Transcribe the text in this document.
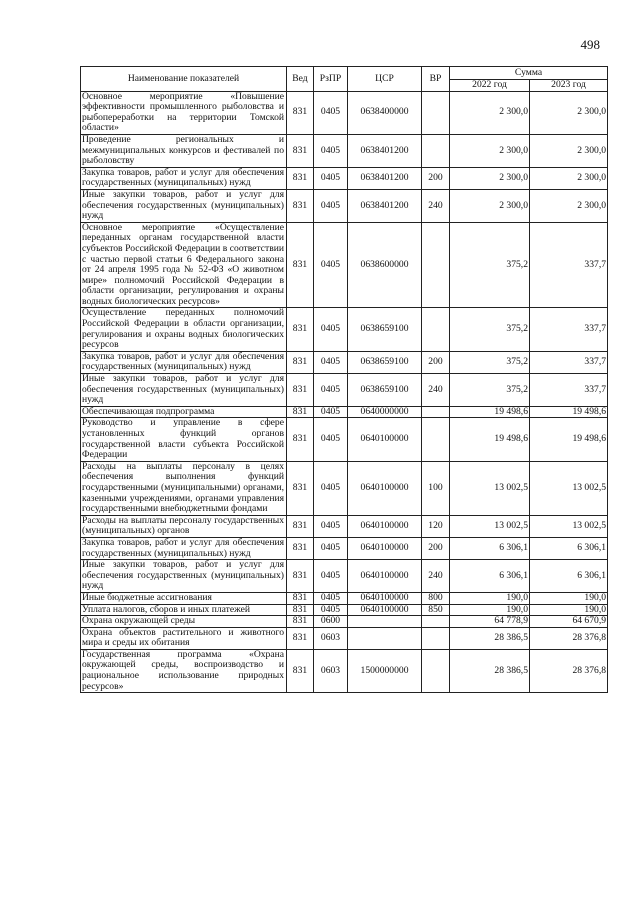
498
Наименование показателей	Вед	РзПР	ЦСР	ВР	Сумма	
					2022 год	2023 год
Основное мероприятие «Повышение эффективности промышленного рыболовства и рыбопереработки на территории Томской области»	831	0405	0638400000		2 300,0	2 300,0
Проведение региональных и межмуниципальных конкурсов и фестивалей по рыболовству	831	0405	0638401200		2 300,0	2 300,0
Закупка товаров, работ и услуг для обеспечения государственных (муниципальных) нужд	831	0405	0638401200	200	2 300,0	2 300,0
Иные закупки товаров, работ и услуг для обеспечения государственных (муниципальных) нужд	831	0405	0638401200	240	2 300,0	2 300,0
Основное мероприятие «Осуществление переданных органам государственной власти субъектов Российской Федерации в соответствии с частью первой статьи 6 Федерального закона от 24 апреля 1995 года № 52-ФЗ «О животном мире» полномочий Российской Федерации в области организации, регулирования и охраны водных биологических ресурсов»	831	0405	0638600000		375,2	337,7
Осуществление переданных полномочий Российской Федерации в области организации, регулирования и охраны водных биологических ресурсов	831	0405	0638659100		375,2	337,7
Закупка товаров, работ и услуг для обеспечения государственных (муниципальных) нужд	831	0405	0638659100	200	375,2	337,7
Иные закупки товаров, работ и услуг для обеспечения государственных (муниципальных) нужд	831	0405	0638659100	240	375,2	337,7
Обеспечивающая подпрограмма	831	0405	0640000000		19 498,6	19 498,6
Руководство и управление в сфере установленных функций органов государственной власти субъекта Российской Федерации	831	0405	0640100000		19 498,6	19 498,6
Расходы на выплаты персоналу в целях обеспечения выполнения функций государственными (муниципальными) органами, казенными учреждениями, органами управления государственными внебюджетными фондами	831	0405	0640100000	100	13 002,5	13 002,5
Расходы на выплаты персоналу государственных (муниципальных) органов	831	0405	0640100000	120	13 002,5	13 002,5
Закупка товаров, работ и услуг для обеспечения государственных (муниципальных) нужд	831	0405	0640100000	200	6 306,1	6 306,1
Иные закупки товаров, работ и услуг для обеспечения государственных (муниципальных) нужд	831	0405	0640100000	240	6 306,1	6 306,1
Иные бюджетные ассигнования	831	0405	0640100000	800	190,0	190,0
Уплата налогов, сборов и иных платежей	831	0405	0640100000	850	190,0	190,0
Охрана окружающей среды	831	0600			64 778,9	64 670,9
Охрана объектов растительного и животного мира и среды их обитания	831	0603			28 386,5	28 376,8
Государственная программа «Охрана окружающей среды, воспроизводство и рациональное использование природных ресурсов»	831	0603	1500000000		28 386,5	28 376,8
